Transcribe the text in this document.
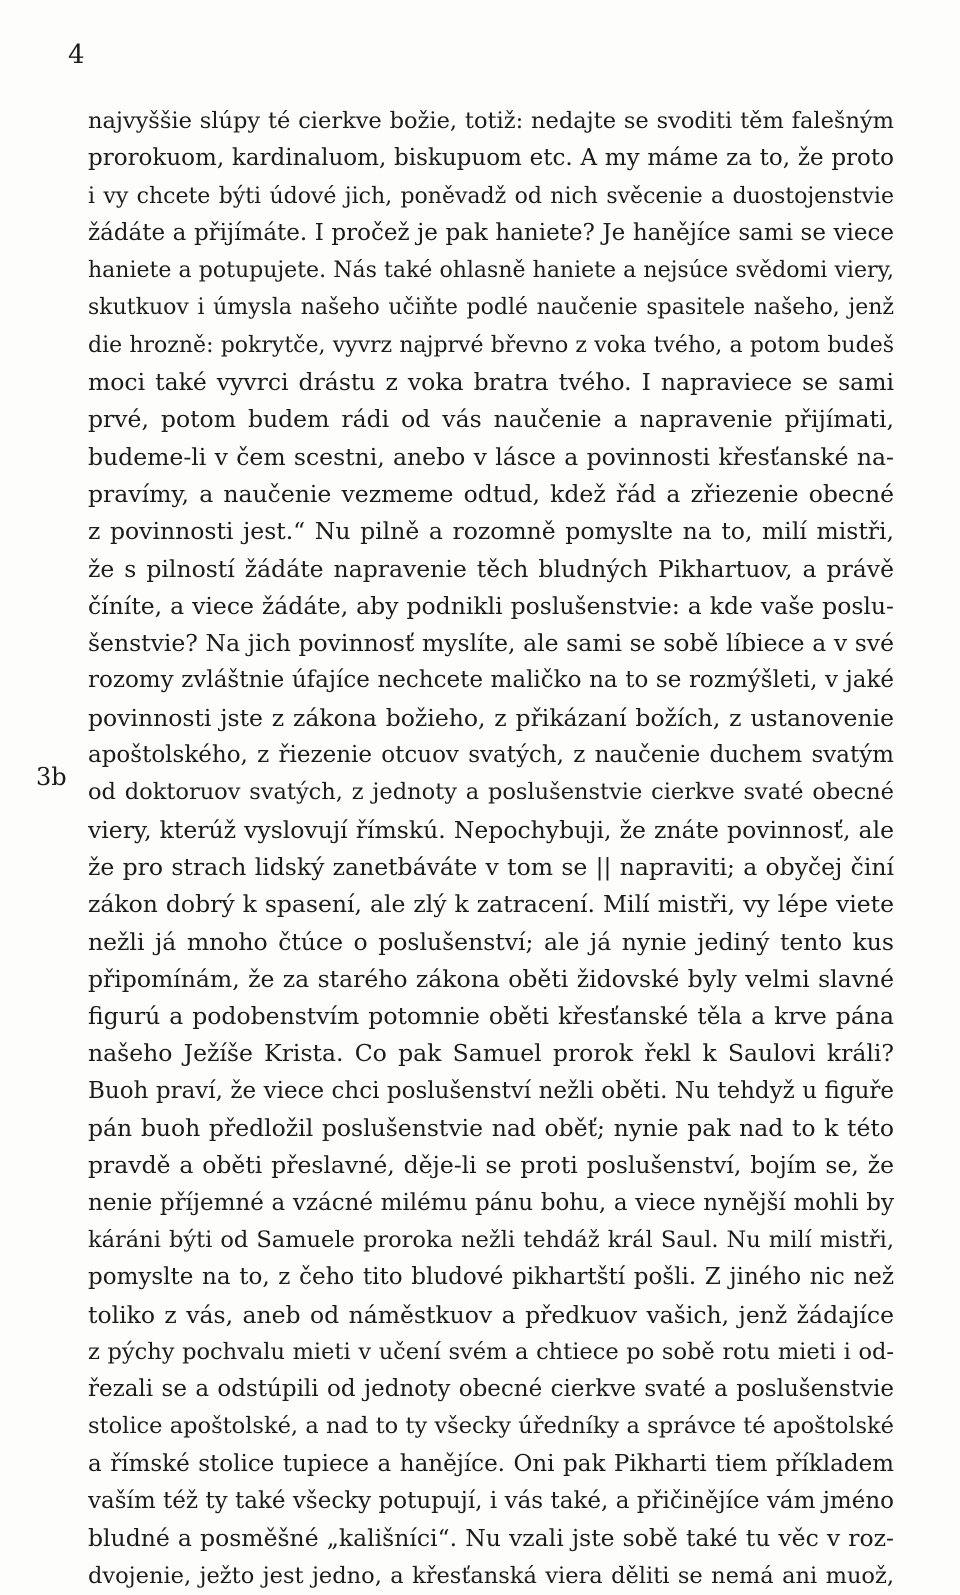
4
3b
najvyššie slúpy té cierkve božie, totiž: nedajte se svoditi těm falešným
prorokuom, kardinaluom, biskupuom etc. A my máme za to, že proto
i vy chcete býti údové jich, poněvadž od nich svěcenie a duostojenstvie
žádáte a přijímáte. I pročež je pak haniete? Je hanějíce sami se viece
haniete a potupujete. Nás také ohlasně haniete a nejsúce svědomi viery,
skutkuov i úmysla našeho učiňte podlé naučenie spasitele našeho, jenž
die hrozně: pokrytče, vyvrz najprvé břevno z voka tvého, a potom budeš
moci také vyvrci drástu z voka bratra tvého. I napraviece se sami
prvé, potom budem rádi od vás naučenie a napravenie přijímati,
budeme-li v čem scestni, anebo v lásce a povinnosti křesťanské na-
pravímy, a naučenie vezmeme odtud, kdež řád a zřiezenie obecné
z povinnosti jest.“ Nu pilně a rozomně pomyslte na to, milí mistři,
že s pilností žádáte napravenie těch bludných Pikhartuov, a právě
číníte, a viece žádáte, aby podnikli poslušenstvie: a kde vaše poslu-
šenstvie? Na jich povinnosť myslíte, ale sami se sobě líbiece a v své
rozomy zvláštnie úfajíce nechcete maličko na to se rozmýšleti, v jaké
povinnosti jste z zákona božieho, z přikázaní božích, z ustanovenie
apoštolského, z řiezenie otcuov svatých, z naučenie duchem svatým
od doktoruov svatých, z jednoty a poslušenstvie cierkve svaté obecné
viery, kterúž vyslovují římskú. Nepochybuji, že znáte povinnosť, ale
že pro strach lidský zanetbáváte v tom se || napraviti; a obyčej činí
zákon dobrý k spasení, ale zlý k zatracení. Milí mistři, vy lépe viete
nežli já mnoho čtúce o poslušenství; ale já nynie jediný tento kus
připomínám, že za starého zákona oběti židovské byly velmi slavné
figurú a podobenstvím potomnie oběti křesťanské těla a krve pána
našeho Ježíše Krista. Co pak Samuel prorok řekl k Saulovi králi?
Buoh praví, že viece chci poslušenství nežli oběti. Nu tehdyž u figuře
pán buoh předložil poslušenstvie nad oběť; nynie pak nad to k této
pravdě a oběti přeslavné, děje-li se proti poslušenství, bojím se, že
nenie příjemné a vzácné milému pánu bohu, a viece nynější mohli by
káráni býti od Samuele proroka nežli tehdáž král Saul. Nu milí mistři,
pomyslte na to, z čeho tito bludové pikhartští pošli. Z jiného nic než
toliko z vás, aneb od náměstkuov a předkuov vašich, jenž žádajíce
z pýchy pochvalu mieti v učení svém a chtiece po sobě rotu mieti i od-
řezali se a odstúpili od jednoty obecné cierkve svaté a poslušenstvie
stolice apoštolské, a nad to ty všecky úředníky a správce té apoštolské
a římské stolice tupiece a hanějíce. Oni pak Pikharti tiem příkladem
vaším též ty také všecky potupují, i vás také, a přičinějíce vám jméno
bludné a posměšné „kališníci“. Nu vzali jste sobě také tu věc v roz-
dvojenie, ježto jest jedno, a křesťanská viera děliti se nemá ani muož,
